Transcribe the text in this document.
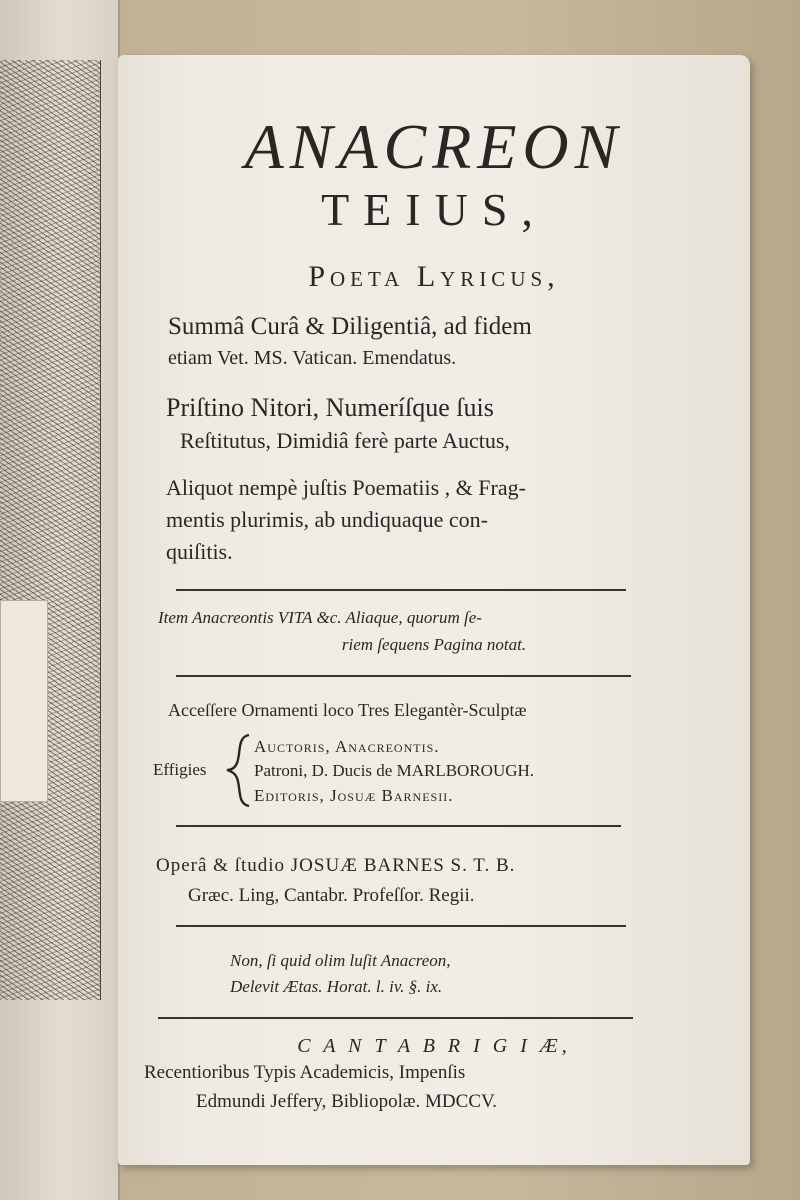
ANACREON
TEIUS,
Poeta Lyricus,
Summâ Curâ & Diligentiâ, ad fidem
etiam Vet. MS. Vatican. Emendatus.
Priſtino Nitori, Numeríſque ſuis
Reſtitutus, Dimidiâ ferè parte Auctus,
Aliquot nempè juſtis Poematiis , & Frag-
mentis plurimis, ab undiquaque con-
quiſitis.
Item Anacreontis VITA &c. Aliaque, quorum ſe-
riem ſequens Pagina notat.
Acceſſere Ornamenti loco Tres Elegantèr-Sculptæ
Effigies
Auctoris, Anacreontis.
Patroni, D. Ducis de MARLBOROUGH.
Editoris, Josuæ Barnesii.
Operâ & ſtudio JOSUÆ BARNES S. T. B.
Græc. Ling, Cantabr. Profeſſor. Regii.
Non, ſi quid olim luſit Anacreon,
Delevit Ætas. Horat. l. iv. §. ix.
C A N T A B R I G I Æ,
Recentioribus Typis Academicis, Impenſis
Edmundi Jeffery, Bibliopolæ. MDCCV.
